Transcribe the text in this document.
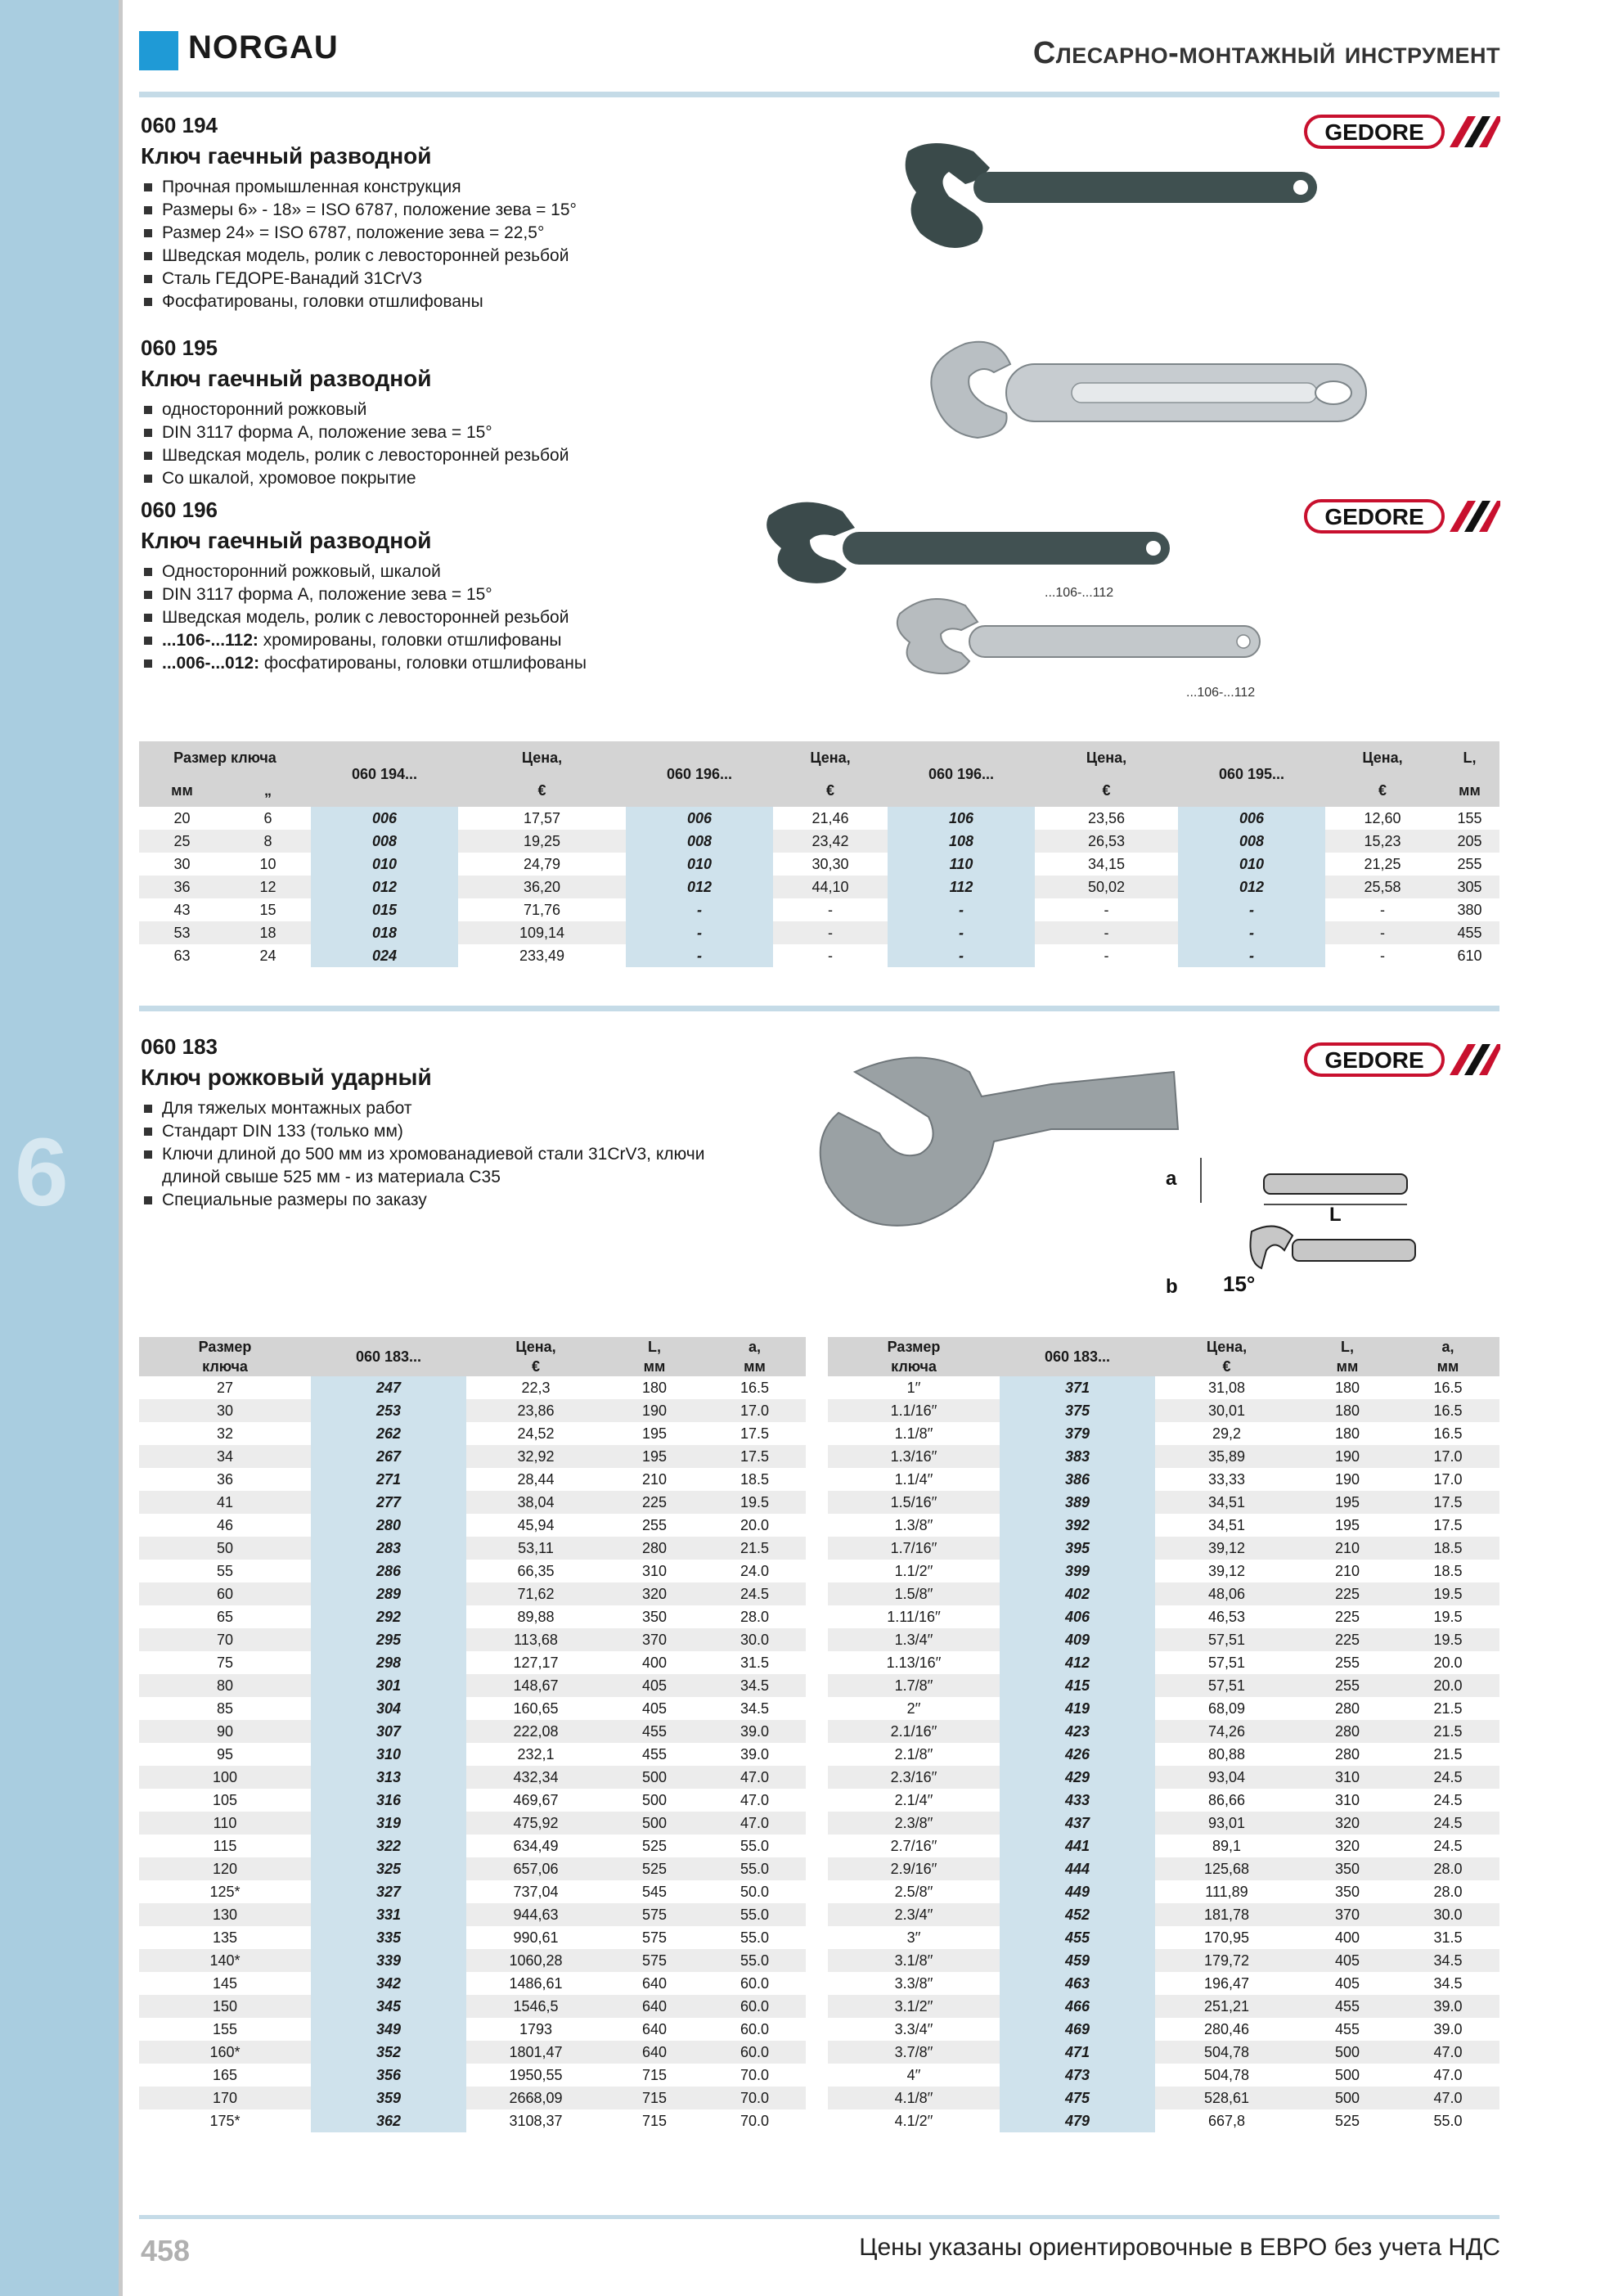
6
NORGAU	Слесарно-монтажный инструмент
060 194
Ключ гаечный разводной
Прочная промышленная конструкция
Размеры 6» - 18» = ISO 6787, положение зева = 15°
Размер 24» = ISO 6787, положение зева = 22,5°
Шведская модель, ролик с левосторонней резьбой
Сталь ГЕДОРЕ-Ванадий 31CrV3
Фосфатированы, головки отшлифованы
060 195
Ключ гаечный разводной
односторонний рожковый
DIN 3117 форма А, положение зева = 15°
Шведская модель, ролик с левосторонней резьбой
Со шкалой, хромовое покрытие
060 196
Ключ гаечный разводной
Односторонний рожковый, шкалой
DIN 3117 форма А, положение зева = 15°
Шведская модель, ролик с левосторонней резьбой
...106-...112: хромированы, головки отшлифованы
...006-...012: фосфатированы, головки отшлифованы
GEDORE
GEDORE
GEDORE
...106-...112
...106-...112
Размер ключа		060 194...	Цена,	060 196...	Цена,	060 196...	Цена,	060 195...	Цена,	L,
мм	„		€		€		€		€	мм
20	6	006	17,57	006	21,46	106	23,56	006	12,60	155
25	8	008	19,25	008	23,42	108	26,53	008	15,23	205
30	10	010	24,79	010	30,30	110	34,15	010	21,25	255
36	12	012	36,20	012	44,10	112	50,02	012	25,58	305
43	15	015	71,76	-	-	-	-	-	-	380
53	18	018	109,14	-	-	-	-	-	-	455
63	24	024	233,49	-	-	-	-	-	-	610
060 183
Ключ рожковый ударный
Для тяжелых монтажных работ
Стандарт DIN 133 (только мм)
Ключи длиной до 500 мм из хромованадиевой стали 31CrV3, ключи длиной свыше 525 мм - из материала С35
Специальные размеры по заказу
a
L
b 15°
Размер	060 183...	Цена,	L,	а,
ключа		€	мм	мм
27	247	22,3	180	16.5
30	253	23,86	190	17.0
32	262	24,52	195	17.5
34	267	32,92	195	17.5
36	271	28,44	210	18.5
41	277	38,04	225	19.5
46	280	45,94	255	20.0
50	283	53,11	280	21.5
55	286	66,35	310	24.0
60	289	71,62	320	24.5
65	292	89,88	350	28.0
70	295	113,68	370	30.0
75	298	127,17	400	31.5
80	301	148,67	405	34.5
85	304	160,65	405	34.5
90	307	222,08	455	39.0
95	310	232,1	455	39.0
100	313	432,34	500	47.0
105	316	469,67	500	47.0
110	319	475,92	500	47.0
115	322	634,49	525	55.0
120	325	657,06	525	55.0
125*	327	737,04	545	50.0
130	331	944,63	575	55.0
135	335	990,61	575	55.0
140*	339	1060,28	575	55.0
145	342	1486,61	640	60.0
150	345	1546,5	640	60.0
155	349	1793	640	60.0
160*	352	1801,47	640	60.0
165	356	1950,55	715	70.0
170	359	2668,09	715	70.0
175*	362	3108,37	715	70.0
Размер	060 183...	Цена,	L,	а,
ключа		€	мм	мм
1′′	371	31,08	180	16.5
1.1/16′′	375	30,01	180	16.5
1.1/8′′	379	29,2	180	16.5
1.3/16′′	383	35,89	190	17.0
1.1/4′′	386	33,33	190	17.0
1.5/16′′	389	34,51	195	17.5
1.3/8′′	392	34,51	195	17.5
1.7/16′′	395	39,12	210	18.5
1.1/2′′	399	39,12	210	18.5
1.5/8′′	402	48,06	225	19.5
1.11/16′′	406	46,53	225	19.5
1.3/4′′	409	57,51	225	19.5
1.13/16′′	412	57,51	255	20.0
1.7/8′′	415	57,51	255	20.0
2′′	419	68,09	280	21.5
2.1/16′′	423	74,26	280	21.5
2.1/8′′	426	80,88	280	21.5
2.3/16′′	429	93,04	310	24.5
2.1/4′′	433	86,66	310	24.5
2.3/8′′	437	93,01	320	24.5
2.7/16′′	441	89,1	320	24.5
2.9/16′′	444	125,68	350	28.0
2.5/8′′	449	111,89	350	28.0
2.3/4′′	452	181,78	370	30.0
3′′	455	170,95	400	31.5
3.1/8′′	459	179,72	405	34.5
3.3/8′′	463	196,47	405	34.5
3.1/2′′	466	251,21	455	39.0
3.3/4′′	469	280,46	455	39.0
3.7/8′′	471	504,78	500	47.0
4′′	473	504,78	500	47.0
4.1/8′′	475	528,61	500	47.0
4.1/2′′	479	667,8	525	55.0
458	Цены указаны ориентировочные в ЕВРО без учета НДС
